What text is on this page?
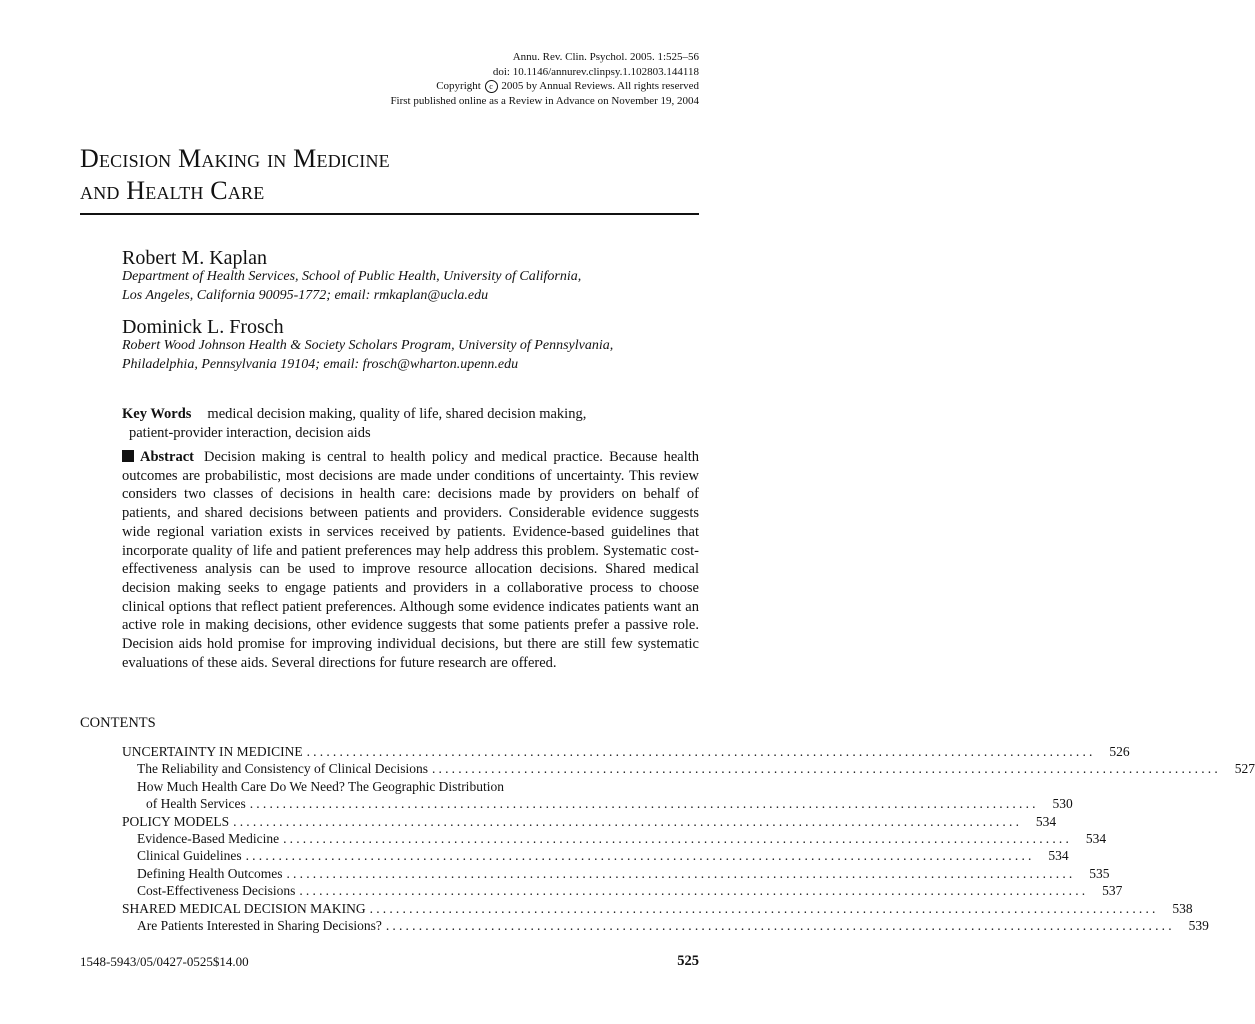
Annu. Rev. Clin. Psychol. 2005. 1:525–56
doi: 10.1146/annurev.clinpsy.1.102803.144118
Copyright c 2005 by Annual Reviews. All rights reserved
First published online as a Review in Advance on November 19, 2004
Decision Making in Medicine
and Health Care
Robert M. Kaplan
Department of Health Services, School of Public Health, University of California,
Los Angeles, California 90095-1772; email: rmkaplan@ucla.edu
Dominick L. Frosch
Robert Wood Johnson Health & Society Scholars Program, University of Pennsylvania,
Philadelphia, Pennsylvania 19104; email: frosch@wharton.upenn.edu
Key Words medical decision making, quality of life, shared decision making,
patient-provider interaction, decision aids
Abstract Decision making is central to health policy and medical practice. Because health outcomes are probabilistic, most decisions are made under conditions of uncertainty. This review considers two classes of decisions in health care: decisions made by providers on behalf of patients, and shared decisions between patients and providers. Considerable evidence suggests wide regional variation exists in services received by patients. Evidence-based guidelines that incorporate quality of life and patient preferences may help address this problem. Systematic cost-effectiveness analysis can be used to improve resource allocation decisions. Shared medical decision making seeks to engage patients and providers in a collaborative process to choose clinical options that reflect patient preferences. Although some evidence indicates patients want an active role in making decisions, other evidence suggests that some patients prefer a passive role. Decision aids hold promise for improving individual decisions, but there are still few systematic evaluations of these aids. Several directions for future research are offered.
CONTENTS
UNCERTAINTY IN MEDICINE ........................................................................................................................	526
The Reliability and Consistency of Clinical Decisions ........................................................................................................................	527
How Much Health Care Do We Need? The Geographic Distribution
of Health Services ........................................................................................................................	530
POLICY MODELS ........................................................................................................................	534
Evidence-Based Medicine ........................................................................................................................	534
Clinical Guidelines ........................................................................................................................	534
Defining Health Outcomes ........................................................................................................................	535
Cost-Effectiveness Decisions ........................................................................................................................	537
SHARED MEDICAL DECISION MAKING ........................................................................................................................	538
Are Patients Interested in Sharing Decisions? ........................................................................................................................	539
1548-5943/05/0427-0525$14.00	525
